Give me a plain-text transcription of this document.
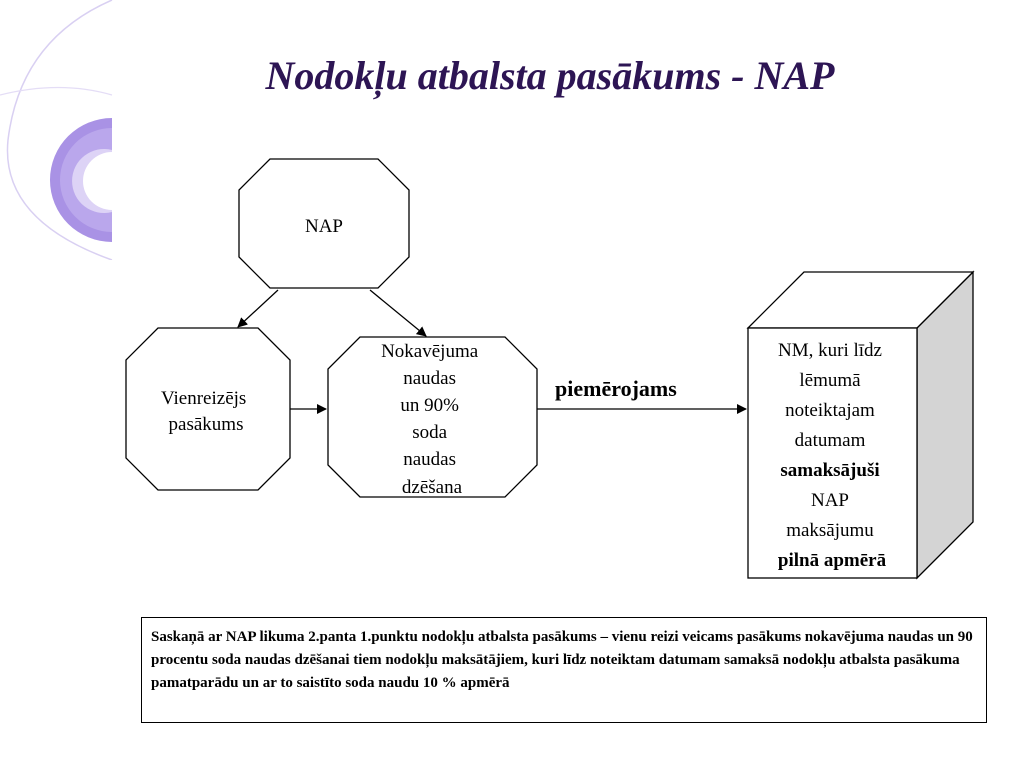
Nodokļu atbalsta pasākums - NAP
NAP
Vienreizējs pasākums
Nokavējuma naudas un 90% soda naudas dzēšana
NM, kuri līdz lēmumā noteiktajam datumam samaksājuši NAP maksājumu pilnā apmērā
piemērojams
Saskaņā ar NAP likuma 2.panta 1.punktu nodokļu atbalsta pasākums – vienu reizi veicams pasākums nokavējuma naudas un 90 procentu soda naudas dzēšanai tiem nodokļu maksātājiem, kuri līdz noteiktam datumam samaksā nodokļu atbalsta pasākuma pamatparādu un ar to saistīto soda naudu 10 % apmērā
